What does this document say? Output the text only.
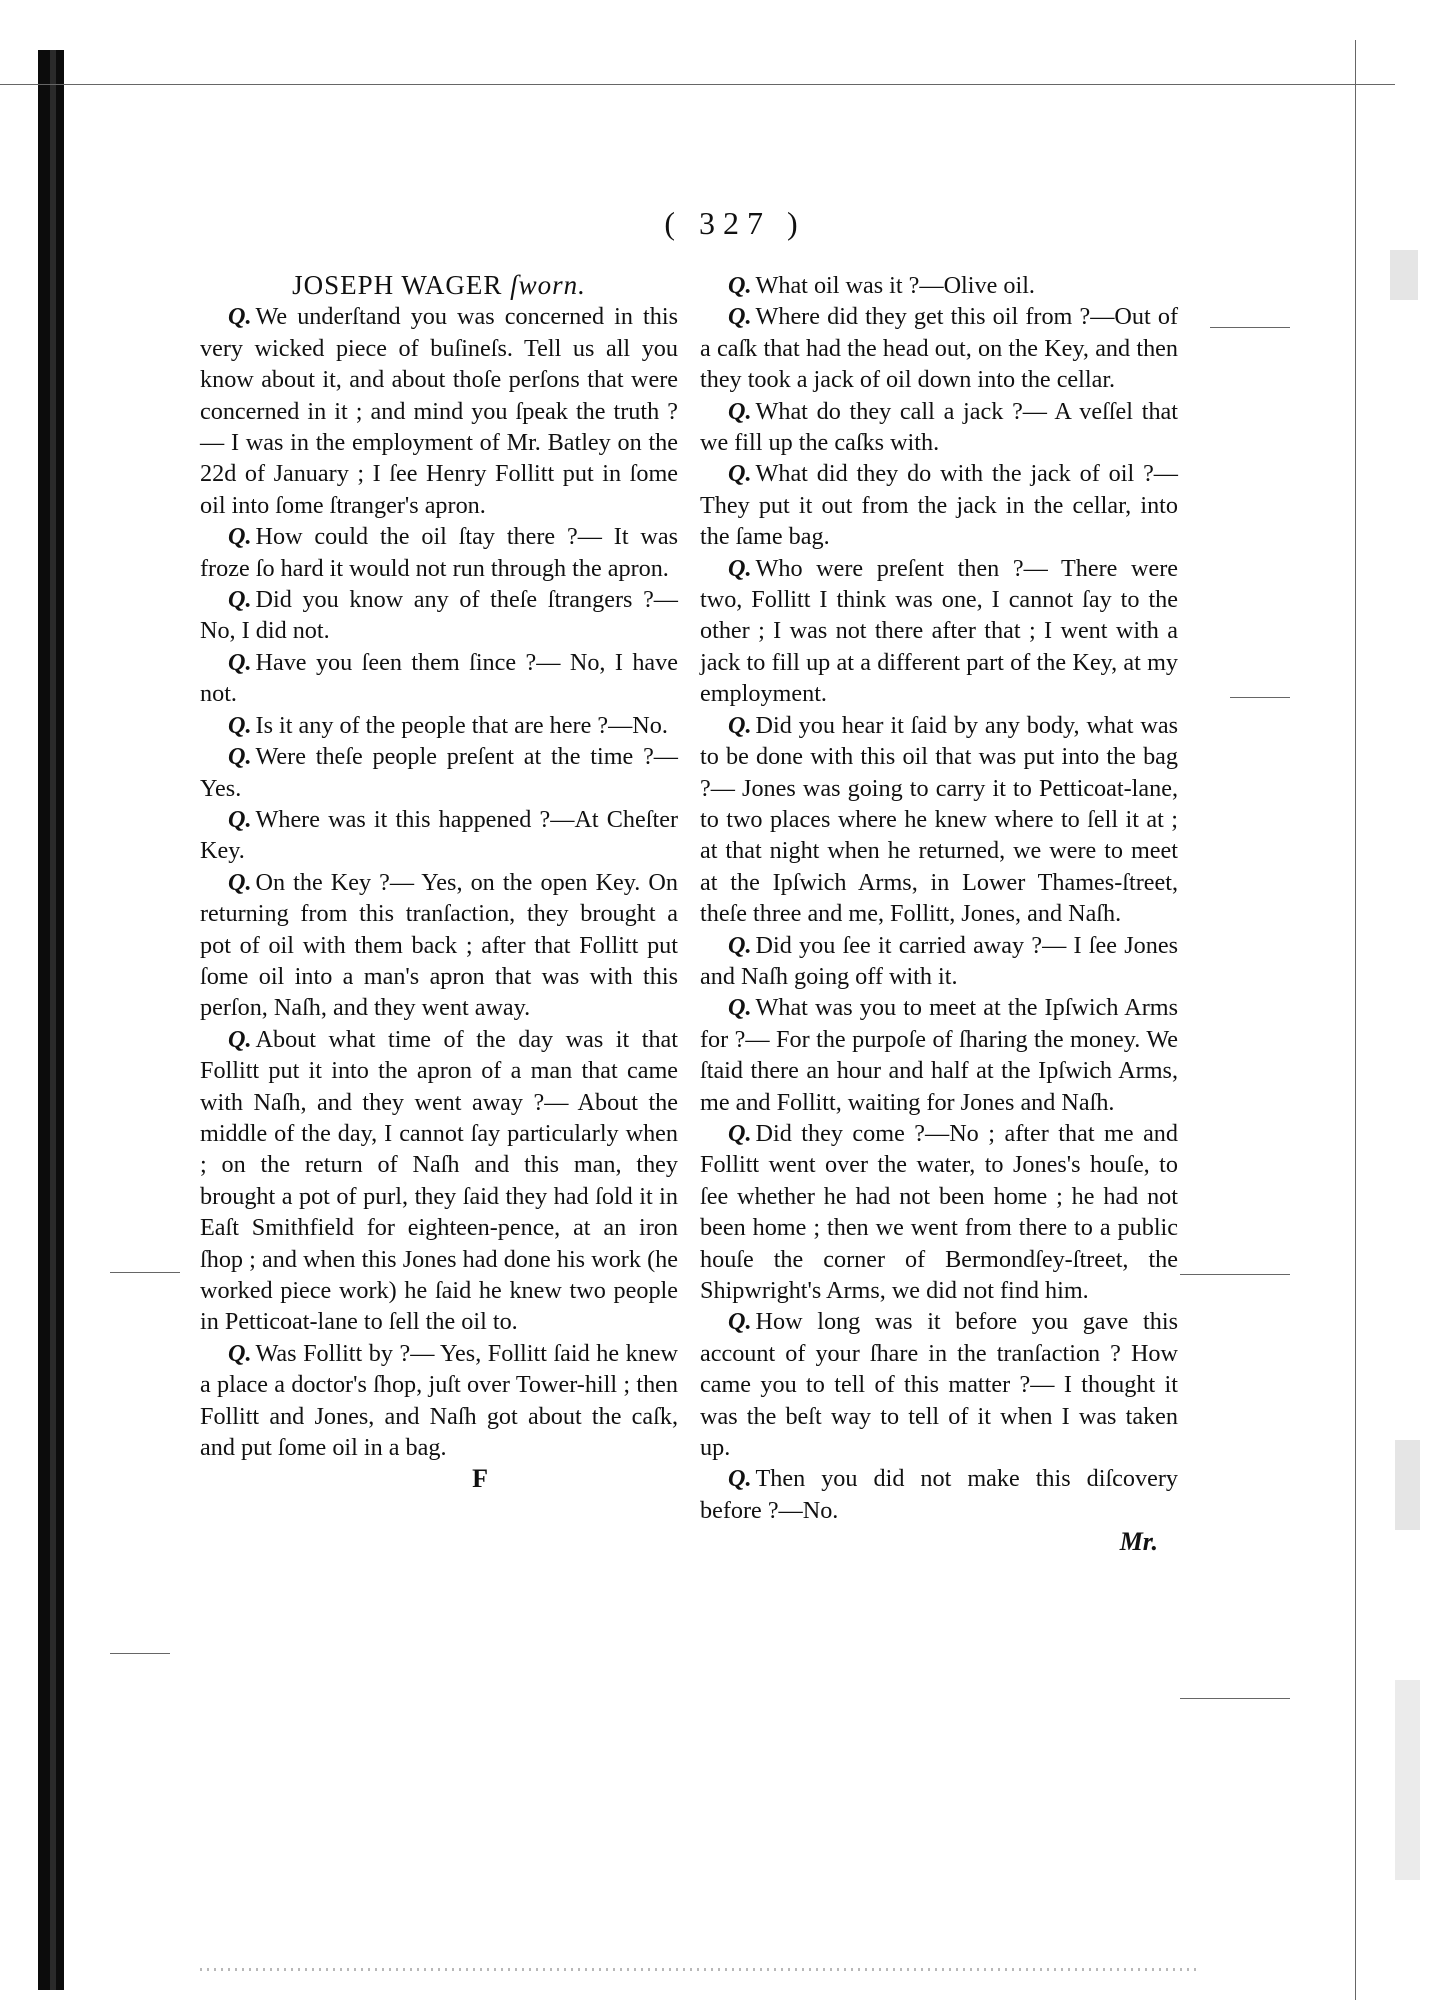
( 327 )

JOSEPH WAGER ſworn.

Q. We underſtand you was concerned in this very wicked piece of buſineſs. Tell us all you know about it, and about thoſe perſons that were concerned in it ; and mind you ſpeak the truth ?— I was in the employment of Mr. Batley on the 22d of January ; I ſee Henry Follitt put in ſome oil into ſome ſtranger's apron.

Q. How could the oil ſtay there ?— It was froze ſo hard it would not run through the apron.

Q. Did you know any of theſe ſtrangers ?—No, I did not.

Q. Have you ſeen them ſince ?— No, I have not.

Q. Is it any of the people that are here ?—No.

Q. Were theſe people preſent at the time ?—Yes.

Q. Where was it this happened ?—At Cheſter Key.

Q. On the Key ?— Yes, on the open Key. On returning from this tranſaction, they brought a pot of oil with them back ; after that Follitt put ſome oil into a man's apron that was with this perſon, Naſh, and they went away.

Q. About what time of the day was it that Follitt put it into the apron of a man that came with Naſh, and they went away ?— About the middle of the day, I cannot ſay particularly when ; on the return of Naſh and this man, they brought a pot of purl, they ſaid they had ſold it in Eaſt Smithfield for eighteen-pence, at an iron ſhop ; and when this Jones had done his work (he worked piece work) he ſaid he knew two people in Petticoat-lane to ſell the oil to.

Q. Was Follitt by ?— Yes, Follitt ſaid he knew a place a doctor's ſhop, juſt over Tower-hill ; then Follitt and Jones, and Naſh got about the caſk, and put ſome oil in a bag.

F

Q. What oil was it ?—Olive oil.

Q. Where did they get this oil from ?—Out of a caſk that had the head out, on the Key, and then they took a jack of oil down into the cellar.

Q. What do they call a jack ?— A veſſel that we fill up the caſks with.

Q. What did they do with the jack of oil ?— They put it out from the jack in the cellar, into the ſame bag.

Q. Who were preſent then ?— There were two, Follitt I think was one, I cannot ſay to the other ; I was not there after that ; I went with a jack to fill up at a different part of the Key, at my employment.

Q. Did you hear it ſaid by any body, what was to be done with this oil that was put into the bag ?— Jones was going to carry it to Petticoat-lane, to two places where he knew where to ſell it at ; at that night when he returned, we were to meet at the Ipſwich Arms, in Lower Thames-ſtreet, theſe three and me, Follitt, Jones, and Naſh.

Q. Did you ſee it carried away ?— I ſee Jones and Naſh going off with it.

Q. What was you to meet at the Ipſwich Arms for ?— For the purpoſe of ſharing the money. We ſtaid there an hour and half at the Ipſwich Arms, me and Follitt, waiting for Jones and Naſh.

Q. Did they come ?—No ; after that me and Follitt went over the water, to Jones's houſe, to ſee whether he had not been home ; he had not been home ; then we went from there to a public houſe the corner of Bermondſey-ſtreet, the Shipwright's Arms, we did not find him.

Q. How long was it before you gave this account of your ſhare in the tranſaction ? How came you to tell of this matter ?— I thought it was the beſt way to tell of it when I was taken up.

Q. Then you did not make this diſcovery before ?—No.

Mr.
